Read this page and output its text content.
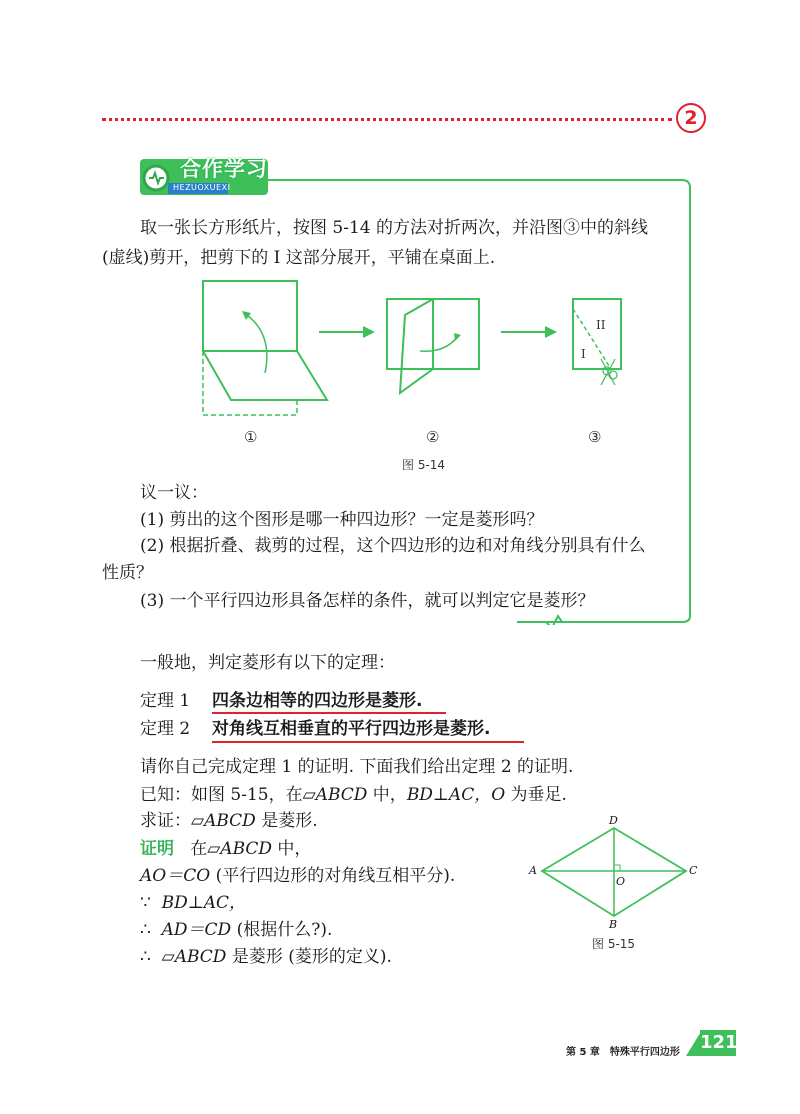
2
合作学习
HEZUOXUEXI
取一张长方形纸片，按图 5-14 的方法对折两次，并沿图③中的斜线
(虚线)剪开，把剪下的 I 这部分展开，平铺在桌面上.
II
I
①	②	③
图 5-14
议一议：
(1) 剪出的这个图形是哪一种四边形？一定是菱形吗？
(2) 根据折叠、裁剪的过程，这个四边形的边和对角线分别具有什么
性质？
(3) 一个平行四边形具备怎样的条件，就可以判定它是菱形？
一般地，判定菱形有以下的定理：
定理 1 四条边相等的四边形是菱形.
定理 2 对角线互相垂直的平行四边形是菱形.
请你自己完成定理 1 的证明. 下面我们给出定理 2 的证明.
已知：如图 5-15，在▱ABCD 中，BD⊥AC，O 为垂足.
求证：▱ABCD 是菱形.
证明 在▱ABCD 中，
AO＝CO (平行四边形的对角线互相平分).
∵ BD⊥AC，
∴ AD＝CD (根据什么?).
∴ ▱ABCD 是菱形 (菱形的定义).
D
A	C
O
B
图 5-15
第 5 章　特殊平行四边形 121
